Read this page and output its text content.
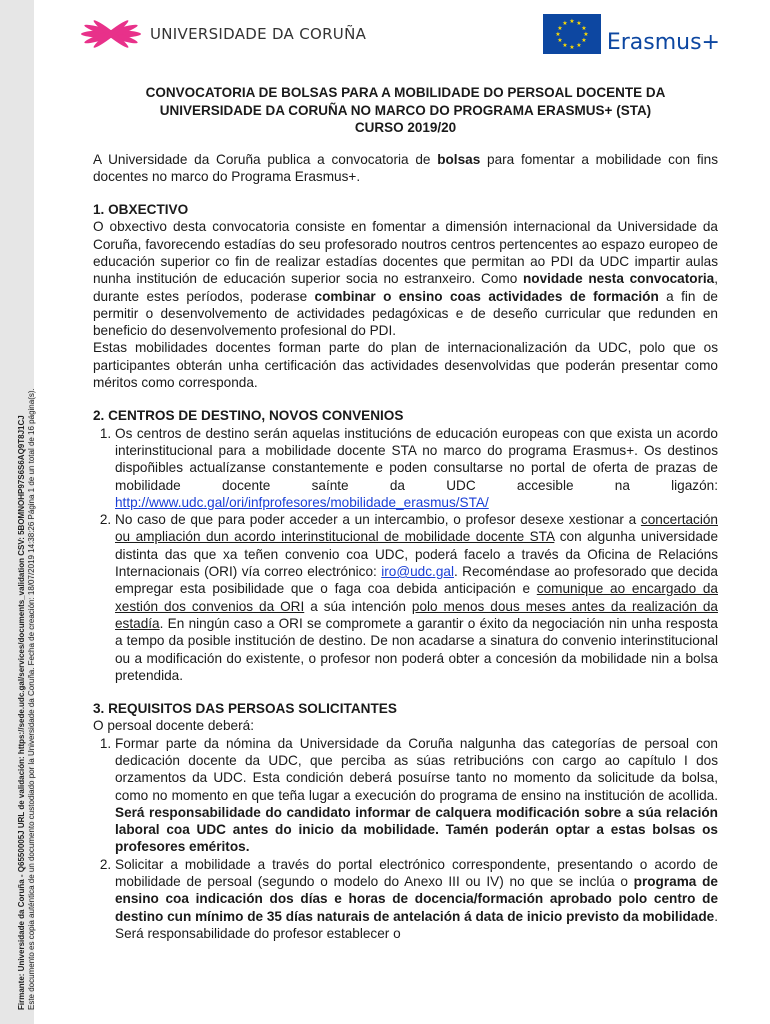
Firmante: Universidade da Coruña - Q6550005J URL de validación: https://sede.udc.gal/services/documents_validation CSV: 5BOMNOHP97S6S6AQ9T8J1CJ Este documento es copia auténtica de un documento custodiado por la Universidade da Coruña. Fecha de creación: 18/07/2019 14:38:26 Página 1 de un total de 16 página(s).
UNIVERSIDADE DA CORUÑA
★ ★
★
★
★
★
★
★
★
★
★
★
Erasmus+
CONVOCATORIA DE BOLSAS PARA A MOBILIDADE DO PERSOAL DOCENTE DA
UNIVERSIDADE DA CORUÑA NO MARCO DO PROGRAMA ERASMUS+ (STA)
CURSO 2019/20

A Universidade da Coruña publica a convocatoria de bolsas para fomentar a mobilidade con fins docentes no marco do Programa Erasmus+.

1. OBXECTIVO

O obxectivo desta convocatoria consiste en fomentar a dimensión internacional da Universidade da Coruña, favorecendo estadías do seu profesorado noutros centros pertencentes ao espazo europeo de educación superior co fin de realizar estadías docentes que permitan ao PDI da UDC impartir aulas nunha institución de educación superior socia no estranxeiro. Como novidade nesta convocatoria, durante estes períodos, poderase combinar o ensino coas actividades de formación a fin de permitir o desenvolvemento de actividades pedagóxicas e de deseño curricular que redunden en beneficio do desenvolvemento profesional do PDI.

Estas mobilidades docentes forman parte do plan de internacionalización da UDC, polo que os participantes obterán unha certificación das actividades desenvolvidas que poderán presentar como méritos como corresponda.

2. CENTROS DE DESTINO, NOVOS CONVENIOS
1. Os centros de destino serán aquelas institucións de educación europeas con que exista un acordo interinstitucional para a mobilidade docente STA no marco do programa Erasmus+. Os destinos dispoñibles actualízanse constantemente e poden consultarse no portal de oferta de prazas de mobilidade docente saínte da UDC accesible na ligazón: http://www.udc.gal/ori/infprofesores/mobilidade_erasmus/STA/
2. No caso de que para poder acceder a un intercambio, o profesor desexe xestionar a concertación ou ampliación dun acordo interinstitucional de mobilidade docente STA con algunha universidade distinta das que xa teñen convenio coa UDC, poderá facelo a través da Oficina de Relacións Internacionais (ORI) vía correo electrónico: iro@udc.gal. Recoméndase ao profesorado que decida empregar esta posibilidade que o faga coa debida anticipación e comunique ao encargado da xestión dos convenios da ORI a súa intención polo menos dous meses antes da realización da estadía. En ningún caso a ORI se compromete a garantir o éxito da negociación nin unha resposta a tempo da posible institución de destino. De non acadarse a sinatura do convenio interinstitucional ou a modificación do existente, o profesor non poderá obter a concesión da mobilidade nin a bolsa pretendida.
3. REQUISITOS DAS PERSOAS SOLICITANTES

O persoal docente deberá:

1. Formar parte da nómina da Universidade da Coruña nalgunha das categorías de persoal con dedicación docente da UDC, que perciba as súas retribucións con cargo ao capítulo I dos orzamentos da UDC. Esta condición deberá posuírse tanto no momento da solicitude da bolsa, como no momento en que teña lugar a execución do programa de ensino na institución de acollida. Será responsabilidade do candidato informar de calquera modificación sobre a súa relación laboral coa UDC antes do inicio da mobilidade. Tamén poderán optar a estas bolsas os profesores eméritos.
2. Solicitar a mobilidade a través do portal electrónico correspondente, presentando o acordo de mobilidade de persoal (segundo o modelo do Anexo III ou IV) no que se inclúa o programa de ensino coa indicación dos días e horas de docencia/formación aprobado polo centro de destino cun mínimo de 35 días naturais de antelación á data de inicio previsto da mobilidade. Será responsabilidade do profesor establecer o
